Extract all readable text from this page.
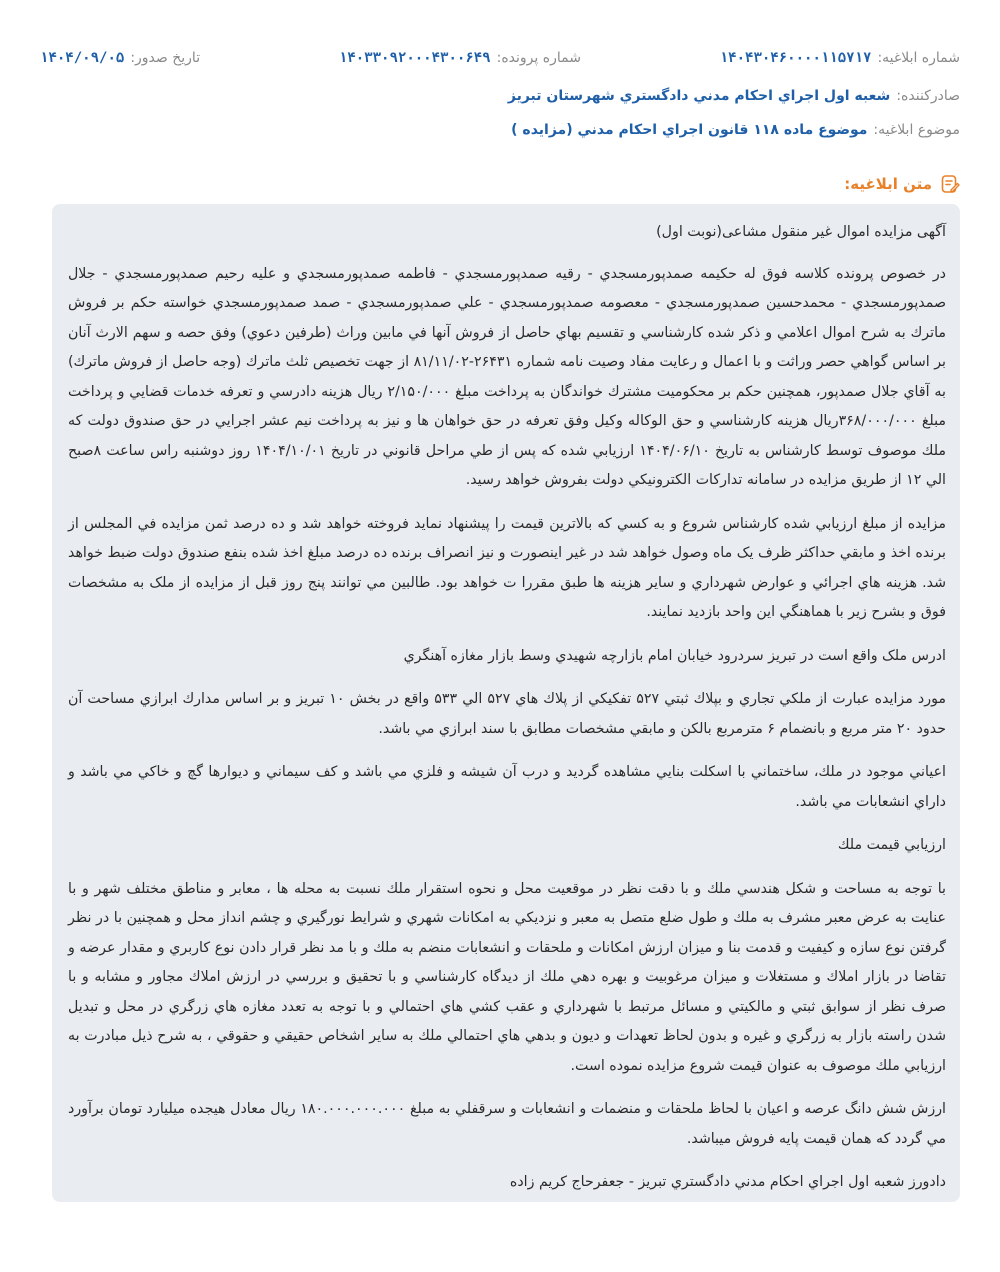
شماره ابلاغیه:
۱۴۰۴۳۰۴۶۰۰۰۰۱۱۵۷۱۷
شماره پرونده:
۱۴۰۳۳۰۹۲۰۰۰۴۳۰۰۶۴۹
تاریخ صدور:
۱۴۰۴/۰۹/۰۵
صادرکننده:
شعبه اول اجراي احكام مدني دادگستري شهرستان تبريز
موضوع ابلاغیه:
موضوع ماده ۱۱۸ قانون اجراي احكام مدني (مزايده )
متن ابلاغیه:

آگهی مزایده اموال غیر منقول مشاعی(نوبت اول)

در خصوص پرونده كلاسه فوق له حكيمه صمدپورمسجدي - رقيه صمدپورمسجدي - فاطمه صمدپورمسجدي و عليه رحيم صمدپورمسجدي - جلال صمدپورمسجدي - محمدحسين صمدپورمسجدي - معصومه صمدپورمسجدي - علي صمدپورمسجدي - صمد صمدپورمسجدي خواسته حكم بر فروش ماترك به شرح اموال اعلامي و ذكر شده كارشناسي و تقسيم بهاي حاصل از فروش آنها في مابين وراث (طرفين دعوي) وفق حصه و سهم الارث آنان بر اساس گواهي حصر وراثت و با اعمال و رعايت مفاد وصيت نامه شماره ۲۶۴۳۱-۸۱/۱۱/۰۲ از جهت تخصيص ثلث ماترك (وجه حاصل از فروش ماترك) به آقاي جلال صمدپور، همچنين حكم بر محكوميت مشترك خواندگان به پرداخت مبلغ ۲/۱۵۰/۰۰۰ ريال هزينه دادرسي و تعرفه خدمات قضايي و پرداخت مبلغ ۳۶۸/۰۰۰/۰۰۰ريال هزينه كارشناسي و حق الوكاله وكيل وفق تعرفه در حق خواهان ها و نيز به پرداخت نيم عشر اجرايي در حق صندوق دولت كه ملك موصوف توسط كارشناس به تاريخ ۱۴۰۴/۰۶/۱۰ ارزيابي شده كه پس از طي مراحل قانوني در تاريخ ۱۴۰۴/۱۰/۰۱ روز دوشنبه راس ساعت ۸صبح الي ۱۲ از طريق مزايده در سامانه تداركات الكترونيكي دولت بفروش خواهد رسيد.

مزايده از مبلغ ارزيابي شده كارشناس شروع و به كسي كه بالاترين قيمت را پيشنهاد نمايد فروخته خواهد شد و ده درصد ثمن مزايده في المجلس از برنده اخذ و مابقي حداكثر ظرف يک ماه وصول خواهد شد در غير اينصورت و نيز انصراف برنده ده درصد مبلغ اخذ شده بنفع صندوق دولت ضبط خواهد شد. هزينه هاي اجرائي و عوارض شهرداري و ساير هزينه ها طبق مقررا ت خواهد بود. طالبين مي توانند پنج روز قبل از مزايده از ملک به مشخصات فوق و بشرح زير با هماهنگي اين واحد بازديد نمايند.

ادرس ملک واقع است در تبريز سردرود خيابان امام بازارچه شهيدي وسط بازار مغازه آهنگري

مورد مزايده عبارت از ملكي تجاري و بپلاك ثبتي ۵۲۷ تفكيكي از پلاك هاي ۵۲۷ الي ۵۳۳ واقع در بخش ۱۰ تبريز و بر اساس مدارك ابرازي مساحت آن حدود ۲۰ متر مربع و بانضمام ۶ مترمربع بالكن و مابقي مشخصات مطابق با سند ابرازي مي باشد.

اعياني موجود در ملك، ساختماني با اسكلت بنايي مشاهده گرديد و درب آن شيشه و فلزي مي باشد و كف سيماني و ديوارها گچ و خاكي مي باشد و داراي انشعابات مي باشد.

ارزيابي قيمت ملك

با توجه به مساحت و شكل هندسي ملك و با دقت نظر در موقعيت محل و نحوه استقرار ملك نسبت به محله ها ، معابر و مناطق مختلف شهر و با عنايت به عرض معبر مشرف به ملك و طول ضلع متصل به معبر و نزديكي به امكانات شهري و شرايط نورگيري و چشم انداز محل و همچنين با در نظر گرفتن نوع سازه و كيفيت و قدمت بنا و ميزان ارزش امكانات و ملحقات و انشعابات منضم به ملك و با مد نظر قرار دادن نوع كاربري و مقدار عرضه و تقاضا در بازار املاك و مستغلات و ميزان مرغوبيت و بهره دهي ملك از ديدگاه كارشناسي و با تحقيق و بررسي در ارزش املاك مجاور و مشابه و با صرف نظر از سوابق ثبتي و مالكيتي و مسائل مرتبط با شهرداري و عقب كشي هاي احتمالي و با توجه به تعدد مغازه هاي زرگري در محل و تبديل شدن راسته بازار به زرگري و غيره و بدون لحاظ تعهدات و ديون و بدهي هاي احتمالي ملك به ساير اشخاص حقيقي و حقوقي ، به شرح ذيل مبادرت به ارزيابي ملك موصوف به عنوان قيمت شروع مزايده نموده است.

ارزش شش دانگ عرصه و اعيان با لحاظ ملحقات و منضمات و انشعابات و سرقفلي به مبلغ ۱۸۰.۰۰۰.۰۰۰.۰۰۰ ريال معادل هيجده ميليارد تومان برآورد مي گردد كه همان قيمت پايه فروش ميباشد.

دادورز شعبه اول اجراي احكام مدني دادگستري تبريز - جعفرحاج كريم زاده
